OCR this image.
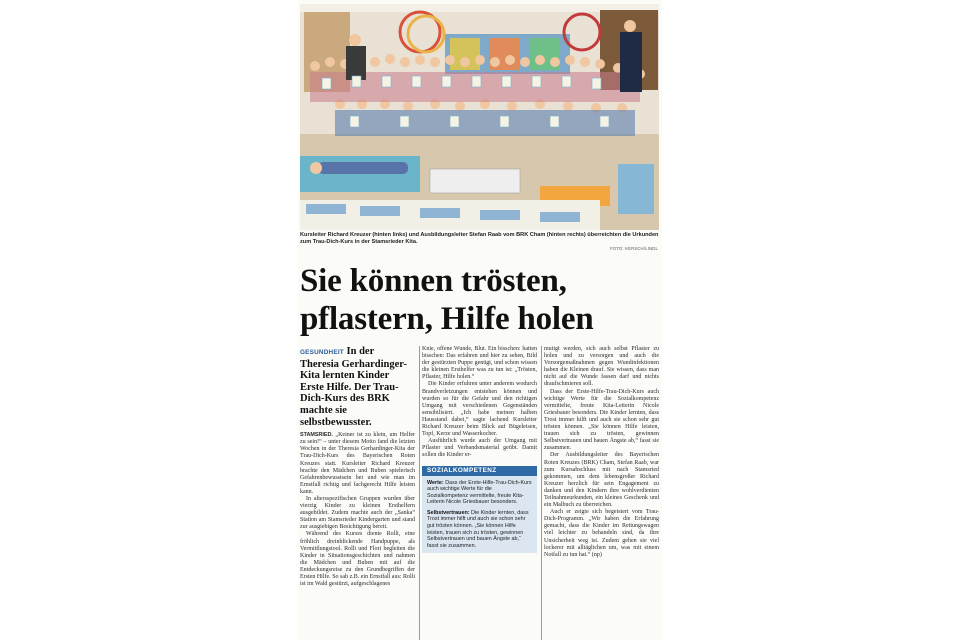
Kursleiter Richard Kreuzer (hinten links) und Ausbildungsleiter Stefan Raab vom BRK Cham (hinten rechts) überreichten die Urkunden zum Trau-Dich-Kurs in der Stamsrieder Kita.
FOTO: KERSCH/LINDL
Sie können trösten,
pflastern, Hilfe holen
GESUNDHEIT In der Theresia Gerhardinger-Kita lernten Kinder Erste Hilfe. Der Trau-Dich-Kurs des BRK machte sie selbstbewusster.

STAMSRIED. „Keiner ist zu klein, um Helfer zu sein!“ – unter diesem Motto fand die letzten Wochen in der Theresia Gerhardinger-Kita der Trau-Dich-Kurs des Bayerischen Roten Kreuzes statt. Kursleiter Richard Kreuzer brachte den Mädchen und Buben spielerisch Gefahrenbewusstsein bei und wie man im Ernstfall richtig und fachgerecht Hilfe leisten kann.

In altersspezifischen Gruppen wurden über vierzig Kinder zu kleinen Ersthelfern ausgebildet. Zudem machte auch der „Sanka“ Station am Stamsrieder Kindergarten und stand zur ausgiebigen Besichtigung bereit.

Während des Kurses diente Rolli, eine fröhlich dreinblickende Handpuppe, als Vermittlungstool. Rolli und Flori begleiten die Kinder in Situationsgeschichten und nahmen die Mädchen und Buben mit auf die Entdeckungsreise zu den Grundbegriffen der Ersten Hilfe. So sah z.B. ein Ernstfall aus: Rolli ist im Wald gestürzt, aufgeschlagenes

Knie, offene Wunde, Blut. Ein bisschen: hatten bisschen: Das erfahren und hier zu sehen, Bild der gestürzten Puppe genügt, und schon wissen die kleinen Ersthelfer was zu tun ist: „Trösten, Pflaster, Hilfe holen.“

Die Kinder erfuhren unter anderem wodurch Brandverletzungen entstehen können und wurden so für die Gefahr und den richtigen Umgang mit verschiedenen Gegenständen sensibilisiert. „Ich habe meinen halben Hausstand dabei,“ sagte lachend Kursleiter Richard Kreuzer beim Blick auf Bügeleisen, Topf, Kerze und Wasserkocher.

Ausführlich wurde auch der Umgang mit Pflaster und Verbandsmaterial geübt. Damit sollen die Kinder er-

SOZIALKOMPETENZ
Werte: Dass der Erste-Hilfe-Trau-Dich-Kurs auch wichtige Werte für die Sozialkompetenz vermittelte, freute Kita-Leiterin Nicole Griesbauer besonders.
Selbstvertrauen: Die Kinder lernten, dass Trost immer hilft und auch sie schon sehr gut trösten können. „Sie können Hilfe leisten, trauen sich zu trösten, gewinnen Selbstvertrauen und bauen Ängste ab,“ fasst sie zusammen.

mutigt werden, sich auch selbst Pflaster zu holen und zu versorgen und auch die Vorsorgemaßnahmen gegen Wundinfektionen haben die Kleinen drauf. Sie wissen, dass man nicht auf die Wunde fassen darf und nichts draufschmieren soll.

Dass der Erste-Hilfe-Trau-Dich-Kurs auch wichtige Werte für die Sozialkompetenz vermittelte, freute Kita-Leiterin Nicole Griesbauer besonders. Die Kinder lernten, dass Trost immer hilft und auch sie schon sehr gut trösten können. „Sie können Hilfe leisten, trauen sich zu trösten, gewinnen Selbstvertrauen und bauen Ängste ab,“ fasst sie zusammen.

Der Ausbildungsleiter des Bayerischen Roten Kreuzes (BRK) Cham, Stefan Raab, war zum Kursabschluss mit nach Stamsried gekommen, um dem lebensgroßer Richard Kreuzer herzlich für sein Engagement zu danken und den Kindern ihre wohlverdienten Teilnahmeurkunden, ein kleines Geschenk und ein Malbuch zu überreichen.

Auch er zeigte sich begeistert vom Trau-Dich-Programm. „Wir haben die Erfahrung gemacht, dass die Kinder im Rettungswagen viel leichter zu behandeln sind, da ihre Unsicherheit weg ist. Zudem gehen sie viel lockerer mit alltäglichen um, was mit einem Notfall zu tun hat.“ (np)
